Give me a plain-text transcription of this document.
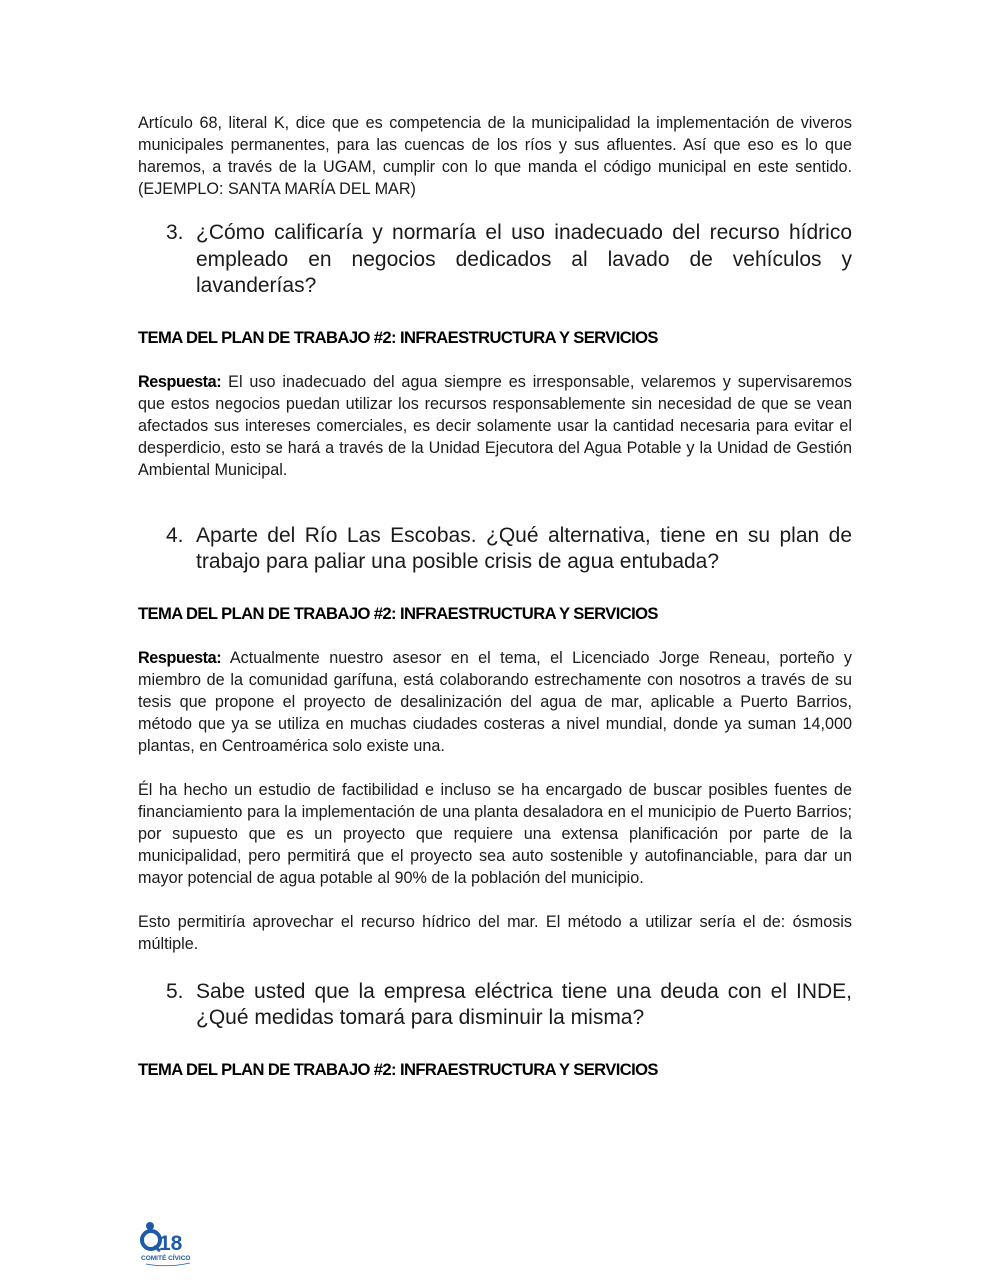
Artículo 68, literal K, dice que es competencia de la municipalidad la implementación de viveros municipales permanentes, para las cuencas de los ríos y sus afluentes. Así que eso es lo que haremos, a través de la UGAM, cumplir con lo que manda el código municipal en este sentido. (EJEMPLO: SANTA MARÍA DEL MAR)

3. ¿Cómo calificaría y normaría el uso inadecuado del recurso hídrico empleado en negocios dedicados al lavado de vehículos y lavanderías?

TEMA DEL PLAN DE TRABAJO #2: INFRAESTRUCTURA Y SERVICIOS

Respuesta: El uso inadecuado del agua siempre es irresponsable, velaremos y supervisaremos que estos negocios puedan utilizar los recursos responsablemente sin necesidad de que se vean afectados sus intereses comerciales, es decir solamente usar la cantidad necesaria para evitar el desperdicio, esto se hará a través de la Unidad Ejecutora del Agua Potable y la Unidad de Gestión Ambiental Municipal.

4. Aparte del Río Las Escobas. ¿Qué alternativa, tiene en su plan de trabajo para paliar una posible crisis de agua entubada?

TEMA DEL PLAN DE TRABAJO #2: INFRAESTRUCTURA Y SERVICIOS

Respuesta: Actualmente nuestro asesor en el tema, el Licenciado Jorge Reneau, porteño y miembro de la comunidad garífuna, está colaborando estrechamente con nosotros a través de su tesis que propone el proyecto de desalinización del agua de mar, aplicable a Puerto Barrios, método que ya se utiliza en muchas ciudades costeras a nivel mundial, donde ya suman 14,000 plantas, en Centroamérica solo existe una.

Él ha hecho un estudio de factibilidad e incluso se ha encargado de buscar posibles fuentes de financiamiento para la implementación de una planta desaladora en el municipio de Puerto Barrios; por supuesto que es un proyecto que requiere una extensa planificación por parte de la municipalidad, pero permitirá que el proyecto sea auto sostenible y autofinanciable, para dar un mayor potencial de agua potable al 90% de la población del municipio.

Esto permitiría aprovechar el recurso hídrico del mar. El método a utilizar sería el de: ósmosis múltiple.

5. Sabe usted que la empresa eléctrica tiene una deuda con el INDE, ¿Qué medidas tomará para disminuir la misma?

TEMA DEL PLAN DE TRABAJO #2: INFRAESTRUCTURA Y SERVICIOS

18
COMITÉ CÍVICO
